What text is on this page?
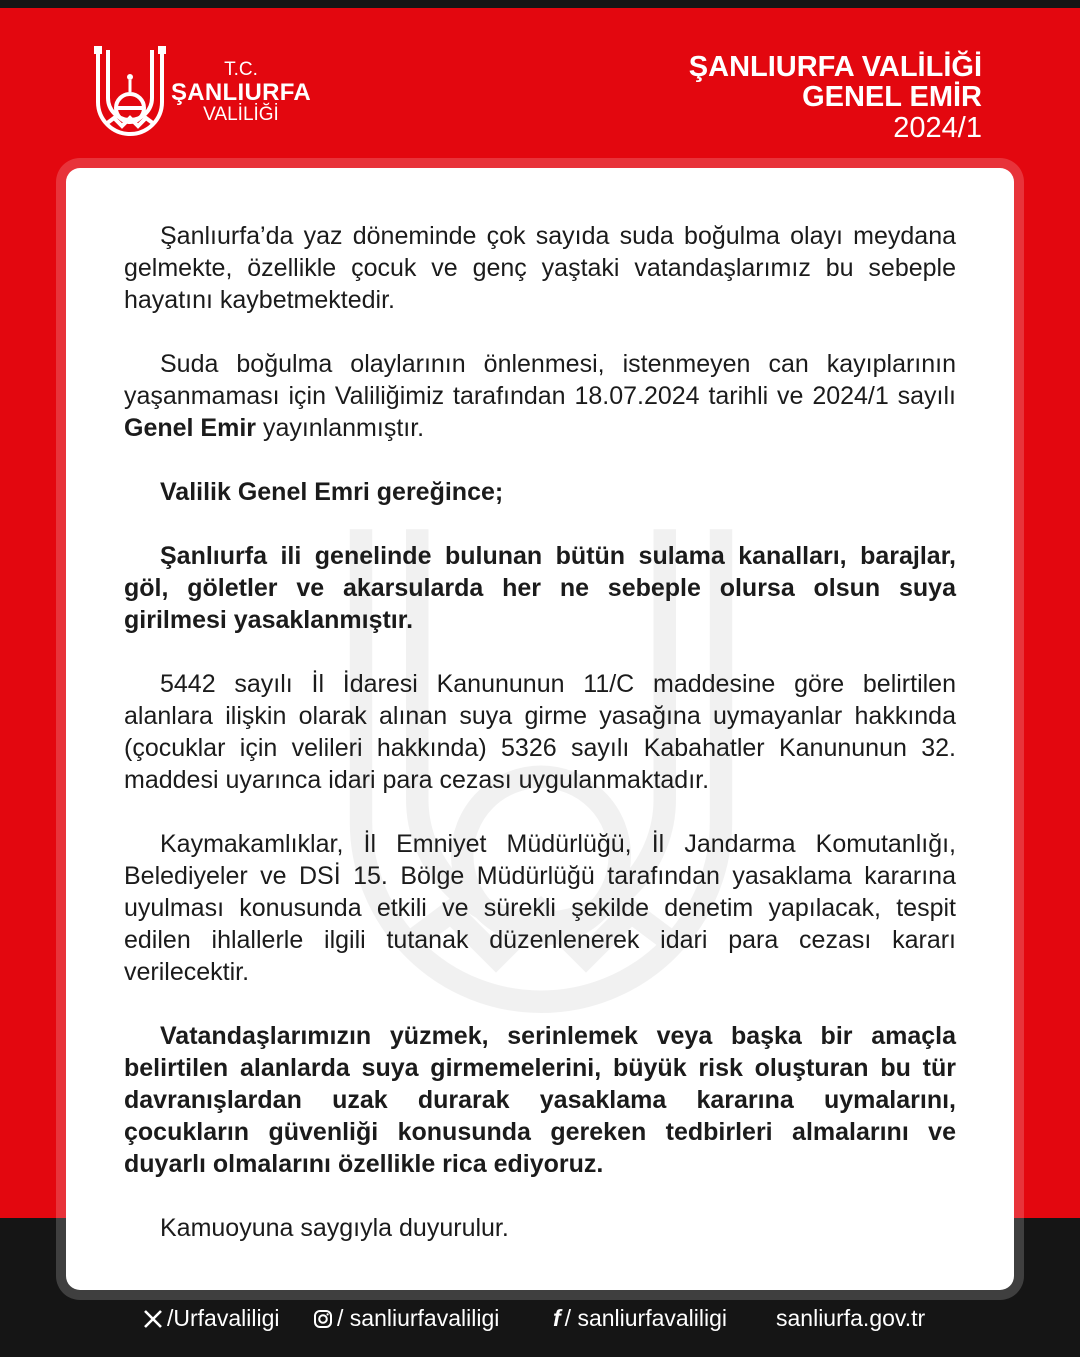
T.C.
ŞANLIURFA
VALİLİĞİ
ŞANLIURFA VALİLİĞİ
GENEL EMİR
2024/1

Şanlıurfa’da yaz döneminde çok sayıda suda boğulma olayı meydana gelmekte, özellikle çocuk ve genç yaştaki vatandaşlarımız bu sebeple hayatını kaybetmektedir.

Suda boğulma olaylarının önlenmesi, istenmeyen can kayıplarının yaşanmaması için Valiliğimiz tarafından 18.07.2024 tarihli ve 2024/1 sayılı Genel Emir yayınlanmıştır.

Valilik Genel Emri gereğince;

Şanlıurfa ili genelinde bulunan bütün sulama kanalları, barajlar, göl, göletler ve akarsularda her ne sebeple olursa olsun suya girilmesi yasaklanmıştır.

5442 sayılı İl İdaresi Kanununun 11/C maddesine göre belirtilen alanlara ilişkin olarak alınan suya girme yasağına uymayanlar hakkında (çocuklar için velileri hakkında) 5326 sayılı Kabahatler Kanununun 32. maddesi uyarınca idari para cezası uygulanmaktadır.

Kaymakamlıklar, İl Emniyet Müdürlüğü, İl Jandarma Komutanlığı, Belediyeler ve DSİ 15. Bölge Müdürlüğü tarafından yasaklama kararına uyulması konusunda etkili ve sürekli şekilde denetim yapılacak, tespit edilen ihlallerle ilgili tutanak düzenlenerek idari para cezası kararı verilecektir.

Vatandaşlarımızın yüzmek, serinlemek veya başka bir amaçla belirtilen alanlarda suya girmemelerini, büyük risk oluşturan bu tür davranışlardan uzak durarak yasaklama kararına uymalarını, çocukların güvenliği konusunda gereken tedbirleri almalarını ve duyarlı olmalarını özellikle rica ediyoruz.

Kamuoyuna saygıyla duyurulur.

/Urfavaliligi	/ sanliurfavaliligi f / sanliurfavaliligi sanliurfa.gov.tr
